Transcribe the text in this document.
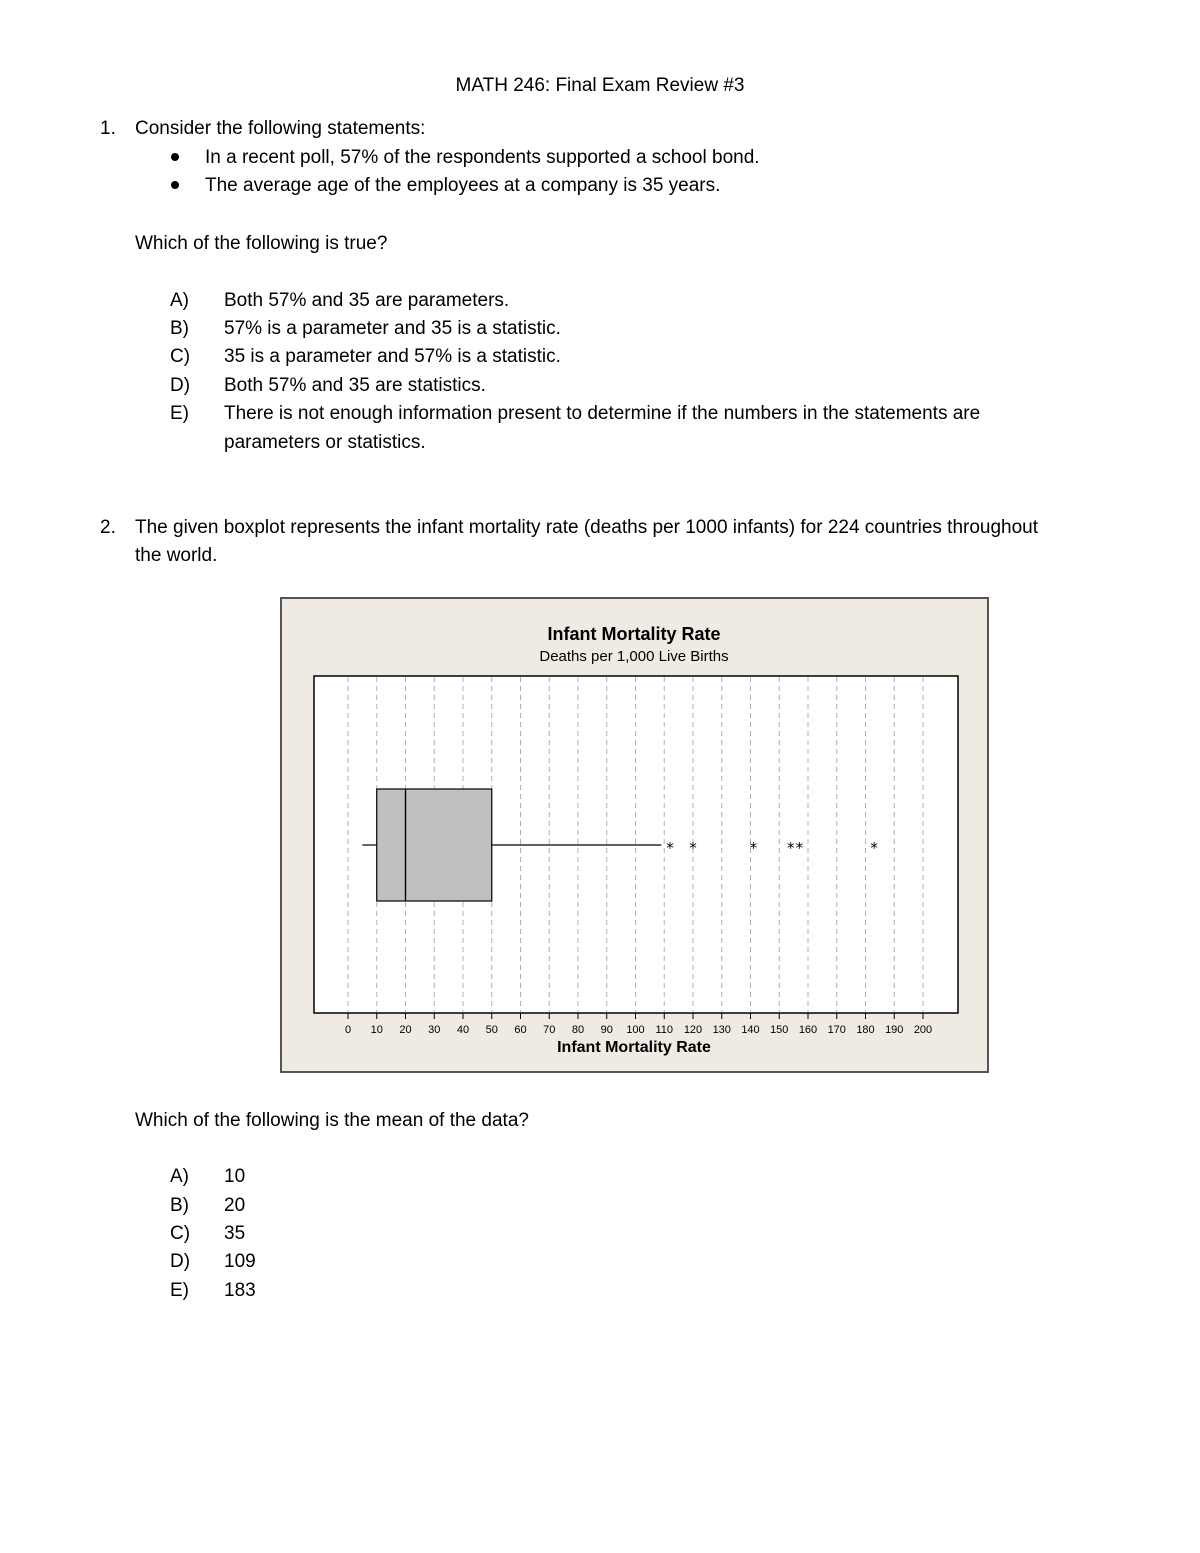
MATH 246: Final Exam Review #3
1. Consider the following statements:
In a recent poll, 57% of the respondents supported a school bond.
The average age of the employees at a company is 35 years.
Which of the following is true?
A) Both 57% and 35 are parameters.
B) 57% is a parameter and 35 is a statistic.
C) 35 is a parameter and 57% is a statistic.
D) Both 57% and 35 are statistics.
E) There is not enough information present to determine if the numbers in the statements are
parameters or statistics.
2. The given boxplot represents the infant mortality rate (deaths per 1000 infants) for 224 countries throughout
the world.
Infant Mortality Rate
Deaths per 1,000 Live Births
0 10 20 30 40 50 60 70 80 90 100 110 120 130 140 150 160 170 180 190 200
* *	* * *	*
Infant Mortality Rate
Which of the following is the mean of the data?
A) 10
B) 20
C) 35
D) 109
E) 183
